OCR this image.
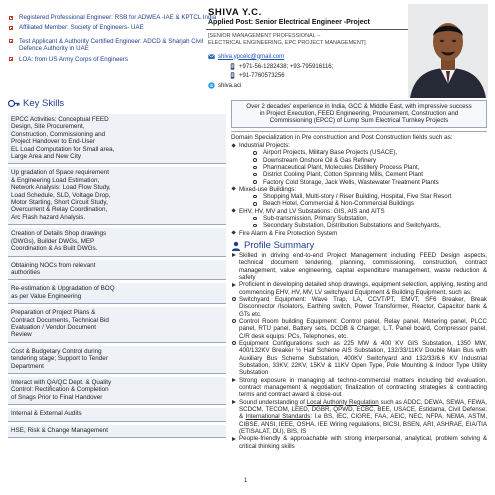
SHIVA Y.C.
Applied Post: Senior Electrical Engineer -Project
[SENIOR MANAGEMENT PROFESSIONAL –
ELECTRICAL ENGINEERING, EPC PROJECT MANAGEMENT]
shiva.ypcelc@gmail.com
+971-56-1282438; +93-795916116;
+91-7760573256
S shiva.aci
Registered Professional Engineer: RSB for ADWEA -IAE & KPTCL India
Affiliated Member: Society of Engineers- UAE
Test Applicant & Authority Certified Engineer: ADCD & Sharjah Civil Defence Authority in UAE
LOA: from US Army Corps of Engineers
Key Skills
EPCC Activities: Conceptual FEED
Design, Site Procurement,
Construction, Commissioning and
Project Handover to End-User
EL Load Computation for Small area,
Large Area and New City
Up gradation of Space requirement
& Engineering Load Estimation,
Network Analysis: Load Flow Study,
Load Schedule, SLD, Voltage Drop,
Motor Starting, Short Circuit Study,
Overcurrent & Relay Coordination,
Arc Flash hazard Analysis.
Creation of Details Shop drawings
(DWGs), Builder DWGs, MEP
Coordination & As Built DWGs.
Obtaining NOCs from relevant
authorities
Re-estimation & Upgradation of BOQ
as per Value Engineering
Preparation of Project Plans &
Contract Documents, Technical Bid
Evaluation / Vendor Document
Review
Cost & Budgetary Control during
tendering stage; Support to Tender
Department
Interact with QA/QC Dept. & Quality
Control: Rectification & Completion
of Snags Prior to Final Handover
Internal & External Audits
HSE, Risk & Change Management
Over 2 decades' experience in India, GCC & Middle East, with impressive success
in Project Execution, FEED Engineering, Procurement, Construction and
Commissioning (EPCC) of Lump Sum Electrical Turnkey Projects
Domain Specialization in Pre construction and Post Construction fields such as:
Industrial Projects:
Airport Projects, Military Base Projects (USACE),
Downstream Onshore Oil & Gas Refinery
Pharmaceutical Plant, Molecules Distillery Process Plant,
District Cooling Plant, Cotton Spinning Mills, Cement Plant
Factory Cold Storage, Jack Wells, Wastewater Treatment Plants
Mixed-use Buildings:
Shopping Mall, Multi-story / Riser Building, Hospital, Five Star Resort
Beach Hotel, Commercial & Non-Commercial Buildings
EHV, HV, MV and LV Substations: GIS, AIS and AITS
Sub-transmission, Primary Substation,
Secondary Substation, Distribution Substations and Switchyards,
Fire Alarm & Fire Protection System
Profile Summary
Skilled in driving end-to-end Project Management including FEED Design aspects, technical document tendering, planning, commissioning, construction, contract management, value engineering, capital expenditure management, waste reduction & safety
Proficient in developing detailed shop drawings, equipment selection, applying, testing and commencing EHV, HV, MV, LV switchyard Equipment & Building Equipment, such as:
Switchyard Equipment: Wave Trap, LA, CCVT/PT, EMVT, SF6 Breaker, Break Disconnector /Isolators, Earthing switch, Power Transformer, Reactor, Capacitor bank & GTs etc.
Control Room building Equipment: Control panel, Relay panel, Metering panel, PLCC panel, RTU panel, Battery sets, DCDB & Charger, L.T. Panel board, Compressor panel, C/R desk equips: PCs, Telephones, etc.
Equipment Configurations such as 225 MW & 400 KV GIS Substation, 1350 MW, 400/132KV Breaker ½ Half Scheme AIS Substation, 132/33/11KV Double Main Bus with Auxiliary Bus Scheme Substation, 400KV Switchyard and 132/33/6.6 KV Industrial Substation, 33KV, 22KV, 15KV & 11KV Open Type, Pole Mounting & Indoor Type Utility Substation
Strong exposure in managing all techno-commercial matters including bid evaluation, contract management & negotiation; finalization of contracting strategies & contracting terms and contract award & close-out
Sound understanding of Local Authority Regulation such as ADDC, DEWA, SEWA, FEWA, SCDCM, TECOM, LEED, DGBR, QPWD, ECBC, BEE, USACE, Estidama, Civil Defense; & International Standards: I.e BS, IEC, CIGRE, FAA, AEIC, NEC, NFPA, NEMA, ASTM, CIBSE, ANSI, IEEE, OSHA, IEE Wiring regulations, BICSI, BSEN, ARI, ASHRAE, EIA/TIA (ETISALAT, DU), BIS, IS
People-friendly & approachable with strong interpersonal, analytical, problem solving & critical thinking skills
1
